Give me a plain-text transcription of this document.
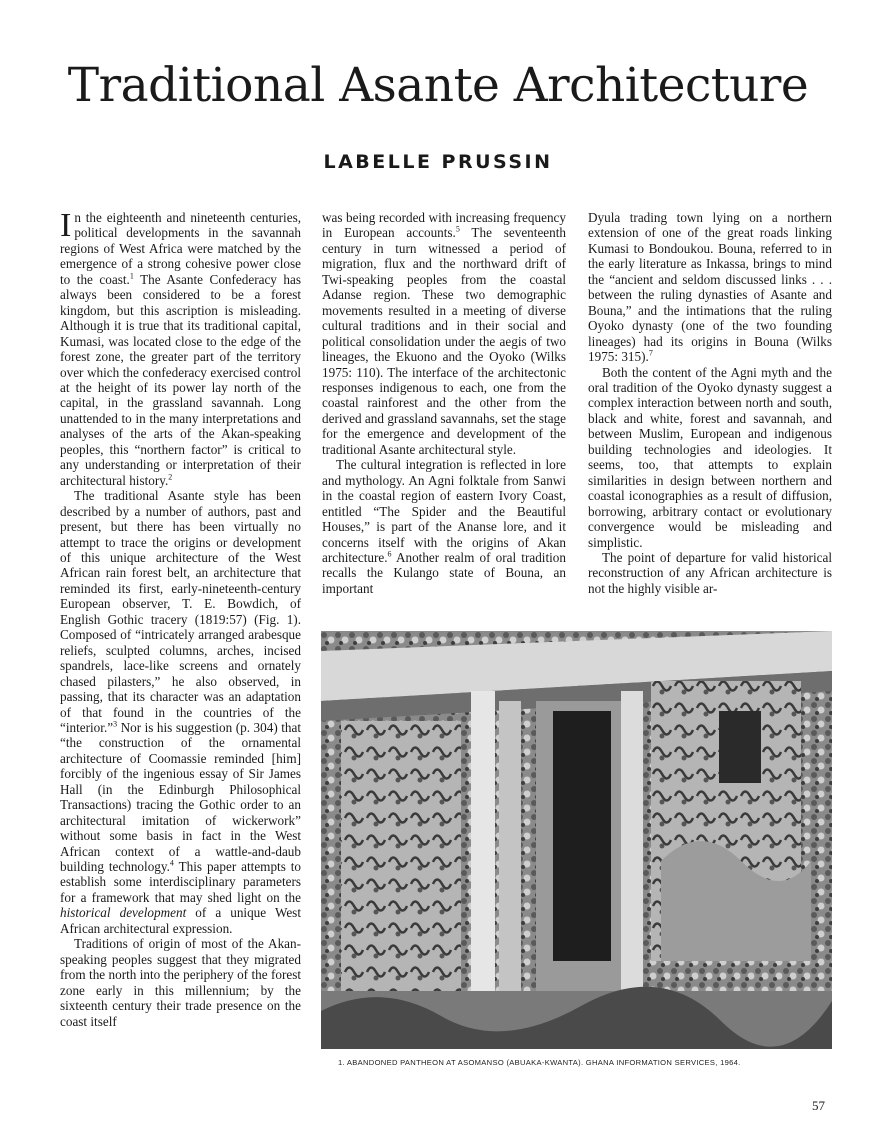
Traditional Asante Architecture
LABELLE PRUSSIN

In the eighteenth and nineteenth centuries, political developments in the savannah regions of West Africa were matched by the emergence of a strong cohesive power close to the coast.$^1$ The Asante Confederacy has always been considered to be a forest kingdom, but this ascription is misleading. Although it is true that its traditional capital, Kumasi, was located close to the edge of the forest zone, the greater part of the territory over which the confederacy exercised control at the height of its power lay north of the capital, in the grassland savannah. Long unattended to in the many interpretations and analyses of the arts of the Akan-speaking peoples, this “northern factor” is critical to any understanding or interpretation of their architectural history.$^2$

The traditional Asante style has been described by a number of authors, past and present, but there has been virtually no attempt to trace the origins or development of this unique architecture of the West African rain forest belt, an architecture that reminded its first, early-nineteenth-century European observer, T. E. Bowdich, of English Gothic tracery (1819:57) (Fig. 1). Composed of “intricately arranged arabesque reliefs, sculpted columns, arches, incised spandrels, lace-like screens and ornately chased pilasters,” he also observed, in passing, that its character was an adaptation of that found in the countries of the “interior.”$^3$ Nor is his suggestion (p. 304) that “the construction of the ornamental architecture of Coomassie reminded [him] forcibly of the ingenious essay of Sir James Hall (in the Edinburgh Philosophical Transactions) tracing the Gothic order to an architectural imitation of wickerwork” without some basis in fact in the West African context of a wattle-and-daub building technology.$^4$ This paper attempts to establish some interdisciplinary parameters for a framework that may shed light on the historical development of a unique West African architectural expression.

Traditions of origin of most of the Akan-speaking peoples suggest that they migrated from the north into the periphery of the forest zone early in this millennium; by the sixteenth century their trade presence on the coast itself

was being recorded with increasing frequency in European accounts.$^5$ The seventeenth century in turn witnessed a period of migration, flux and the northward drift of Twi-speaking peoples from the coastal Adanse region. These two demographic movements resulted in a meeting of diverse cultural traditions and in their social and political consolidation under the aegis of two lineages, the Ekuono and the Oyoko (Wilks 1975: 110). The interface of the architectonic responses indigenous to each, one from the coastal rainforest and the other from the derived and grassland savannahs, set the stage for the emergence and development of the traditional Asante architectural style.

The cultural integration is reflected in lore and mythology. An Agni folktale from Sanwi in the coastal region of eastern Ivory Coast, entitled “The Spider and the Beautiful Houses,” is part of the Ananse lore, and it concerns itself with the origins of Akan architecture.$^6$ Another realm of oral tradition recalls the Kulango state of Bouna, an important

Dyula trading town lying on a northern extension of one of the great roads linking Kumasi to Bondoukou. Bouna, referred to in the early literature as Inkassa, brings to mind the “ancient and seldom discussed links . . . between the ruling dynasties of Asante and Bouna,” and the intimations that the ruling Oyoko dynasty (one of the two founding lineages) had its origins in Bouna (Wilks 1975: 315).$^7$

Both the content of the Agni myth and the oral tradition of the Oyoko dynasty suggest a complex interaction between north and south, black and white, forest and savannah, and between Muslim, European and indigenous building technologies and ideologies. It seems, too, that attempts to explain similarities in design between northern and coastal iconographies as a result of diffusion, borrowing, arbitrary contact or evolutionary convergence would be misleading and simplistic.

The point of departure for valid historical reconstruction of any African architecture is not the highly visible ar-

1. ABANDONED PANTHEON AT ASOMANSO (ABUAKA-KWANTA). GHANA INFORMATION SERVICES, 1964.
57
